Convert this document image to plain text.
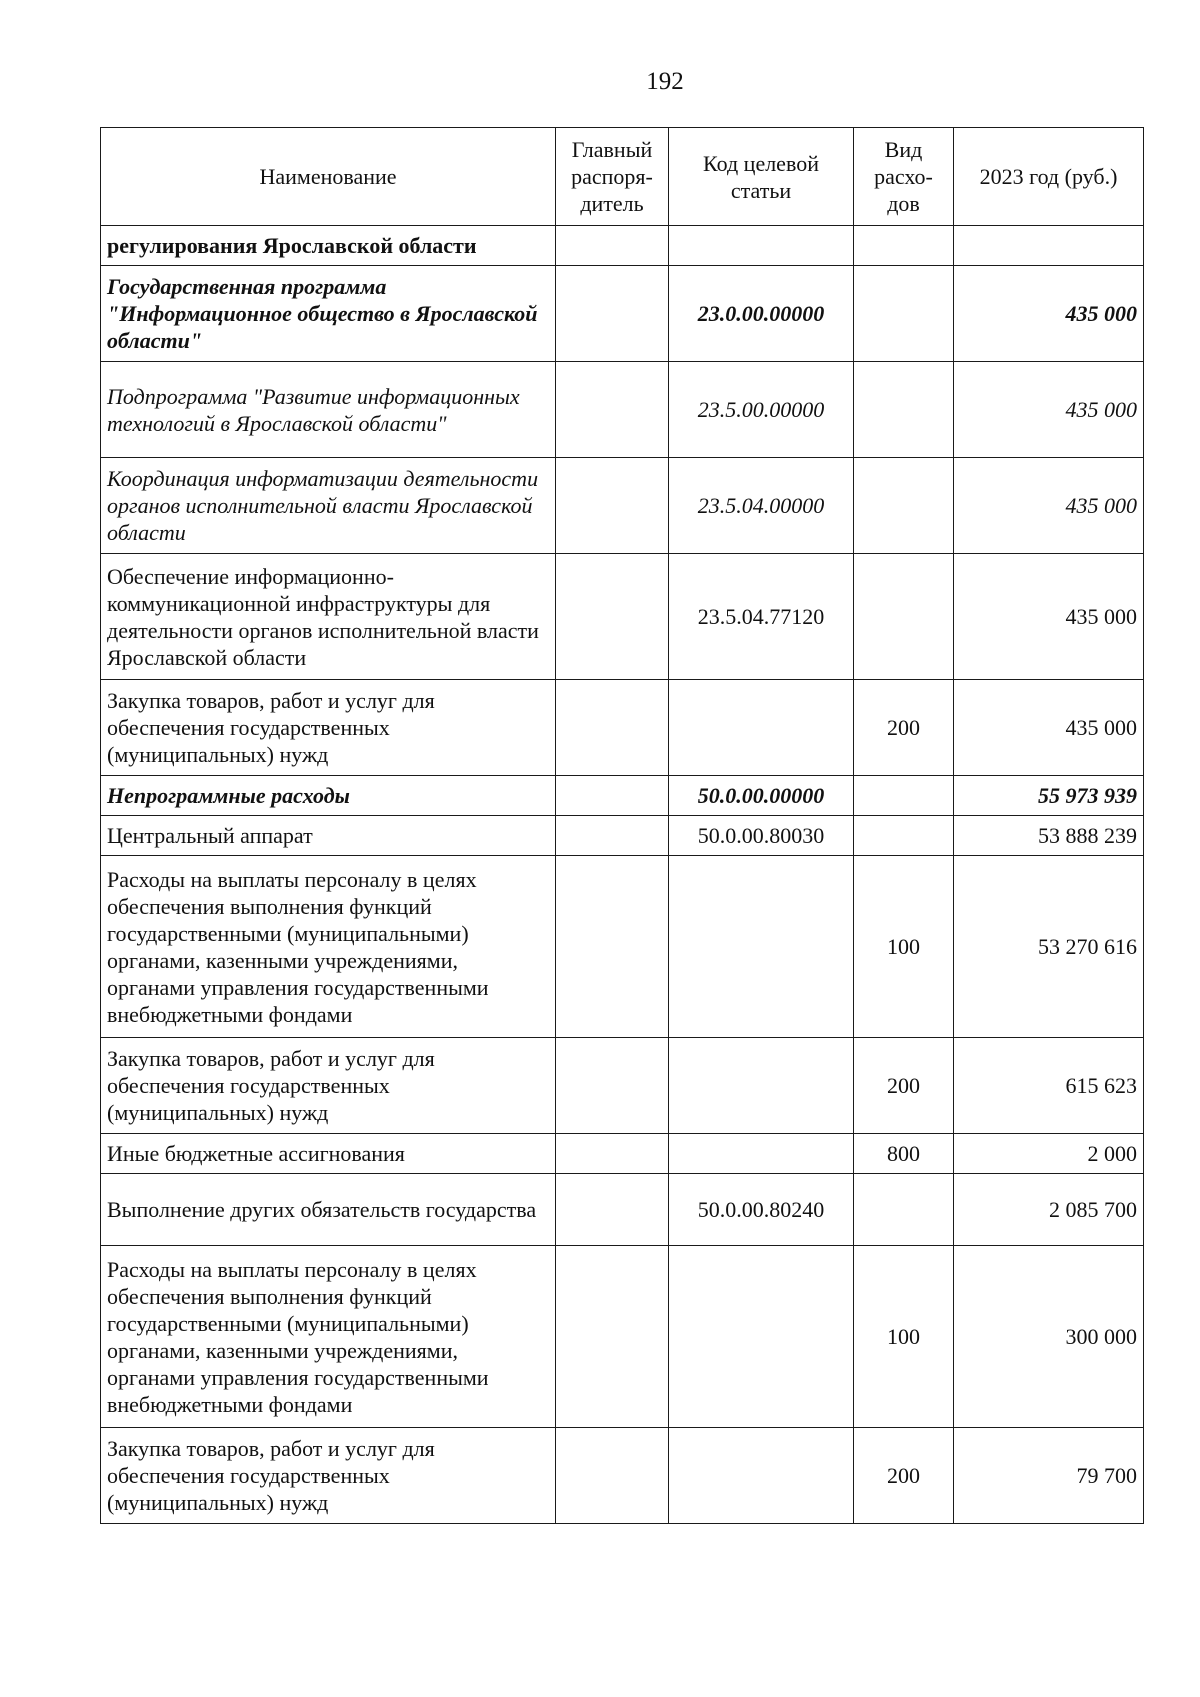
192
Наименование	Главный распоря-дитель	Код целевой статьи	Вид расхо-дов	2023 год (руб.)
регулирования Ярославской области				
Государственная программа "Информационное общество в Ярославской области"		23.0.00.00000		435 000
Подпрограмма "Развитие информационных технологий в Ярославской области"		23.5.00.00000		435 000
Координация информатизации деятельности органов исполнительной власти Ярославской области		23.5.04.00000		435 000
Обеспечение информационно-коммуникационной инфраструктуры для деятельности органов исполнительной власти Ярославской области		23.5.04.77120		435 000
Закупка товаров, работ и услуг для обеспечения государственных (муниципальных) нужд			200	435 000
Непрограммные расходы		50.0.00.00000		55 973 939
Центральный аппарат		50.0.00.80030		53 888 239
Расходы на выплаты персоналу в целях обеспечения выполнения функций государственными (муниципальными) органами, казенными учреждениями, органами управления государственными внебюджетными фондами			100	53 270 616
Закупка товаров, работ и услуг для обеспечения государственных (муниципальных) нужд			200	615 623
Иные бюджетные ассигнования			800	2 000
Выполнение других обязательств государства		50.0.00.80240		2 085 700
Расходы на выплаты персоналу в целях обеспечения выполнения функций государственными (муниципальными) органами, казенными учреждениями, органами управления государственными внебюджетными фондами			100	300 000
Закупка товаров, работ и услуг для обеспечения государственных (муниципальных) нужд			200	79 700
